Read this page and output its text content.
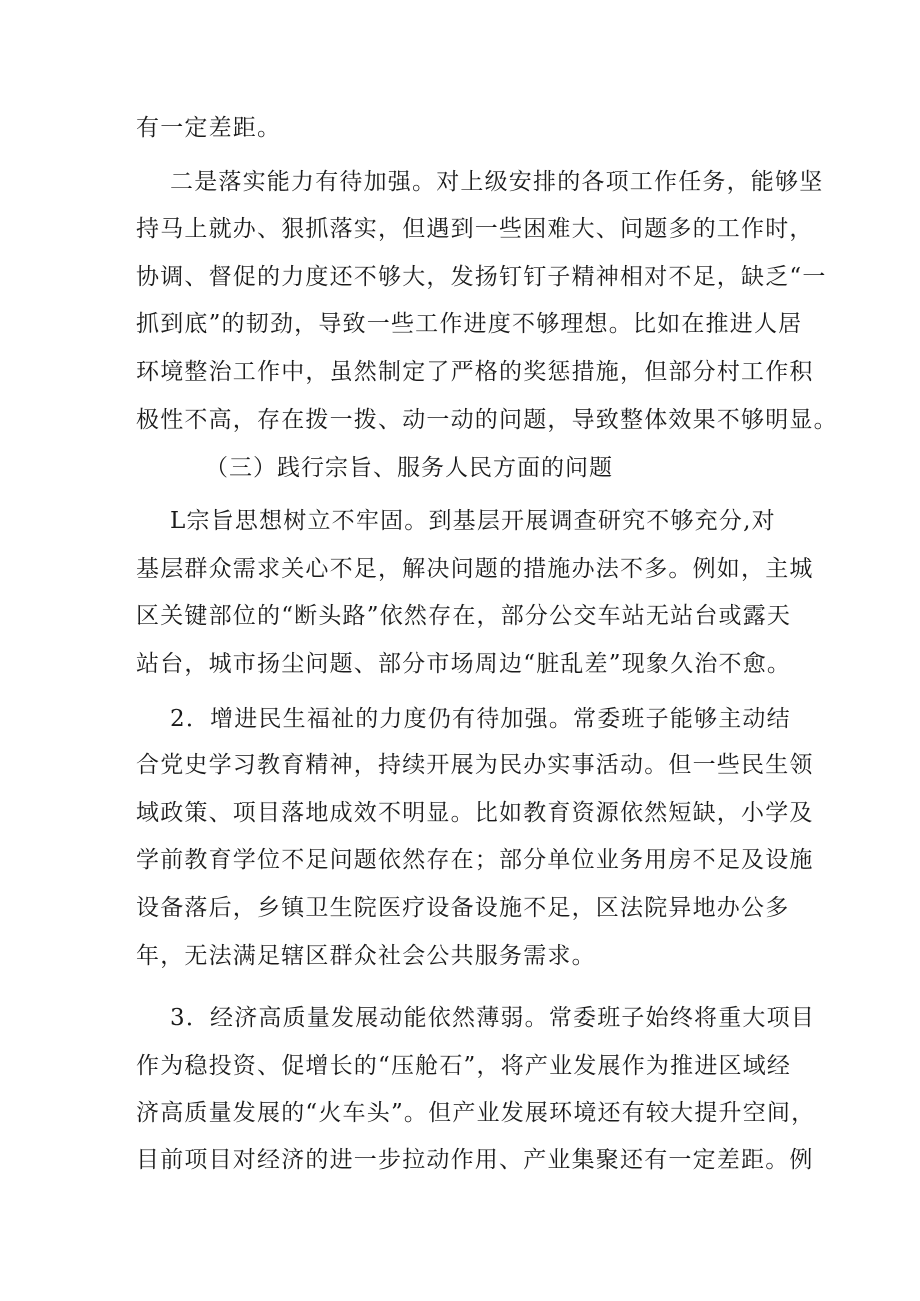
有一定差距。
二是落实能力有待加强。对上级安排的各项工作任务，能够坚
持马上就办、狠抓落实，但遇到一些困难大、问题多的工作时，
协调、督促的力度还不够大，发扬钉钉子精神相对不足，缺乏“一
抓到底”的韧劲，导致一些工作进度不够理想。比如在推进人居
环境整治工作中，虽然制定了严格的奖惩措施，但部分村工作积
极性不高，存在拨一拨、动一动的问题，导致整体效果不够明显。
（三）践行宗旨、服务人民方面的问题
L宗旨思想树立不牢固。到基层开展调查研究不够充分,对
基层群众需求关心不足，解决问题的措施办法不多。例如，主城
区关键部位的“断头路”依然存在，部分公交车站无站台或露天
站台，城市扬尘问题、部分市场周边“脏乱差”现象久治不愈。
2．增进民生福祉的力度仍有待加强。常委班子能够主动结
合党史学习教育精神，持续开展为民办实事活动。但一些民生领
域政策、项目落地成效不明显。比如教育资源依然短缺，小学及
学前教育学位不足问题依然存在；部分单位业务用房不足及设施
设备落后，乡镇卫生院医疗设备设施不足，区法院异地办公多
年，无法满足辖区群众社会公共服务需求。
3．经济高质量发展动能依然薄弱。常委班子始终将重大项目
作为稳投资、促增长的“压舱石”，将产业发展作为推进区域经
济高质量发展的“火车头”。但产业发展环境还有较大提升空间，
目前项目对经济的进一步拉动作用、产业集聚还有一定差距。例
